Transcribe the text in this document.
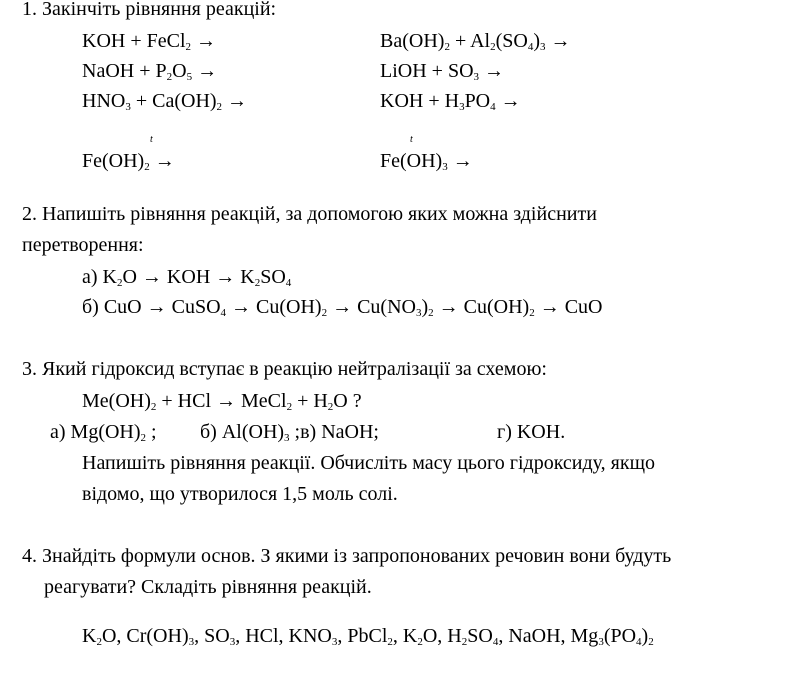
1. Закінчіть рівняння реакцій:
KOH + FeCl$_2$ →
NaOH + $P_2O_5$ →
$HNO_3 + Ca(OH)_2$ →
t
$Fe(OH)_2$ →
$Ba(OH)_2 + Al_2(SO_4)_3$ →
LiOH + $SO_3$ →
KOH + $H_3PO_4$ →
t
$Fe(OH)_3$ →
2. Напишіть рівняння реакцій, за допомогою яких можна здійснити
перетворення:
а) $K_2O$ → KOH → $K_2SO_4$
б) CuO → CuSO$_4$ → $Cu(OH)_2 \to Cu(NO_3)_2 \to Cu(OH)_2$ → CuO
3. Який гідроксид вступає в реакцію нейтралізації за схемою:
$Me(OH)_2$ + HCl → MeCl$_2$ + $H_2O$ ?
а) $Mg(OH)_2$ ; б) $Al(OH)_3$ ;в) NaOH;	г) KOH.
Напишіть рівняння реакції. Обчисліть масу цього гідроксиду, якщо
відомо, що утворилося 1,5 моль солі.
4. Знайдіть формули основ. З якими із запропонованих речовин вони будуть
реагувати? Складіть рівняння реакцій.
$K_2O$, $Cr(OH)_3$, $SO_3$, HCl, $KNO_3$, PbCl$_2$, $K_2O$, $H_2SO_4$, NaOH, $Mg_3(PO_4)_2$
